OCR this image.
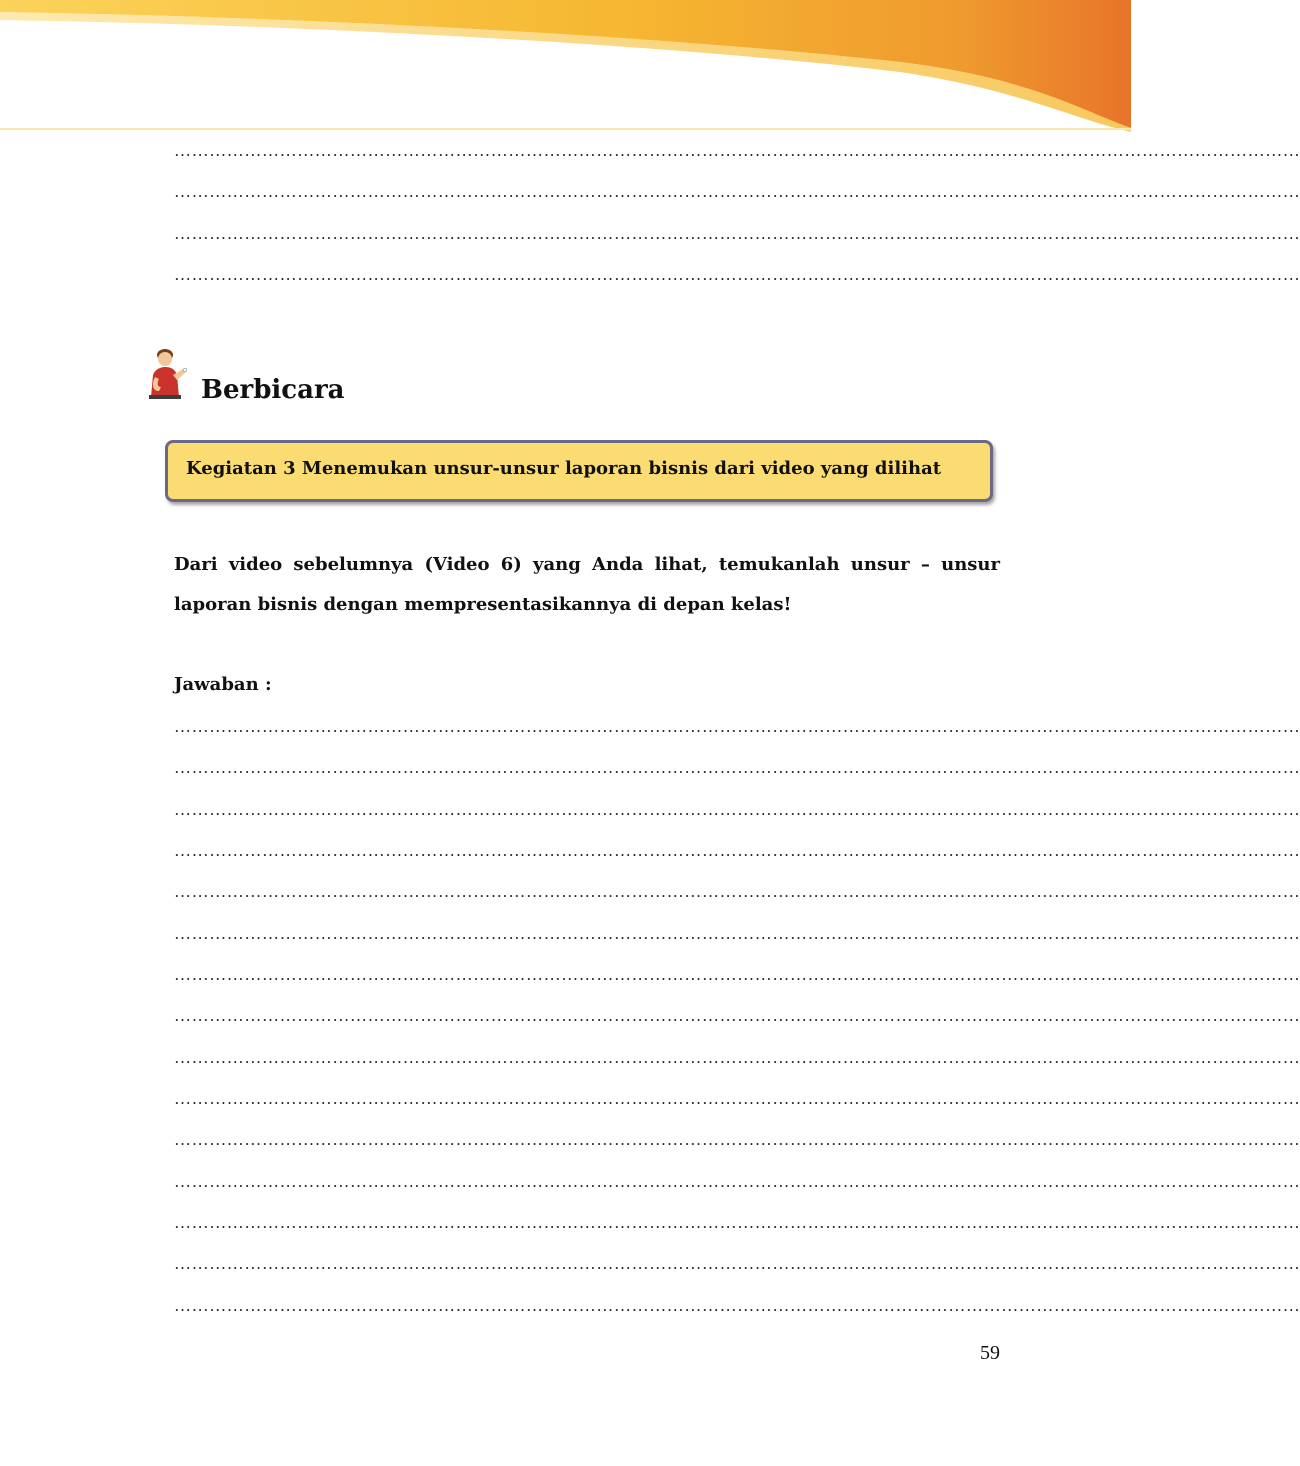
…………………………………………………………………………………………………………………………………………………………………………
…………………………………………………………………………………………………………………………………………………………………………
…………………………………………………………………………………………………………………………………………………………………………
…………………………………………………………………………………………………………………………………………………………………………
Berbicara
Kegiatan 3 Menemukan unsur-unsur laporan bisnis dari video yang dilihat
Dari video sebelumnya (Video 6) yang Anda lihat, temukanlah unsur – unsur laporan bisnis dengan mempresentasikannya di depan kelas!
Jawaban :
…………………………………………………………………………………………………………………………………………………………………………
…………………………………………………………………………………………………………………………………………………………………………
…………………………………………………………………………………………………………………………………………………………………………
…………………………………………………………………………………………………………………………………………………………………………
…………………………………………………………………………………………………………………………………………………………………………
…………………………………………………………………………………………………………………………………………………………………………
…………………………………………………………………………………………………………………………………………………………………………
…………………………………………………………………………………………………………………………………………………………………………
…………………………………………………………………………………………………………………………………………………………………………
…………………………………………………………………………………………………………………………………………………………………………
…………………………………………………………………………………………………………………………………………………………………………
…………………………………………………………………………………………………………………………………………………………………………
…………………………………………………………………………………………………………………………………………………………………………
…………………………………………………………………………………………………………………………………………………………………………
…………………………………………………………………………………………………………………………………………………………………………
59
